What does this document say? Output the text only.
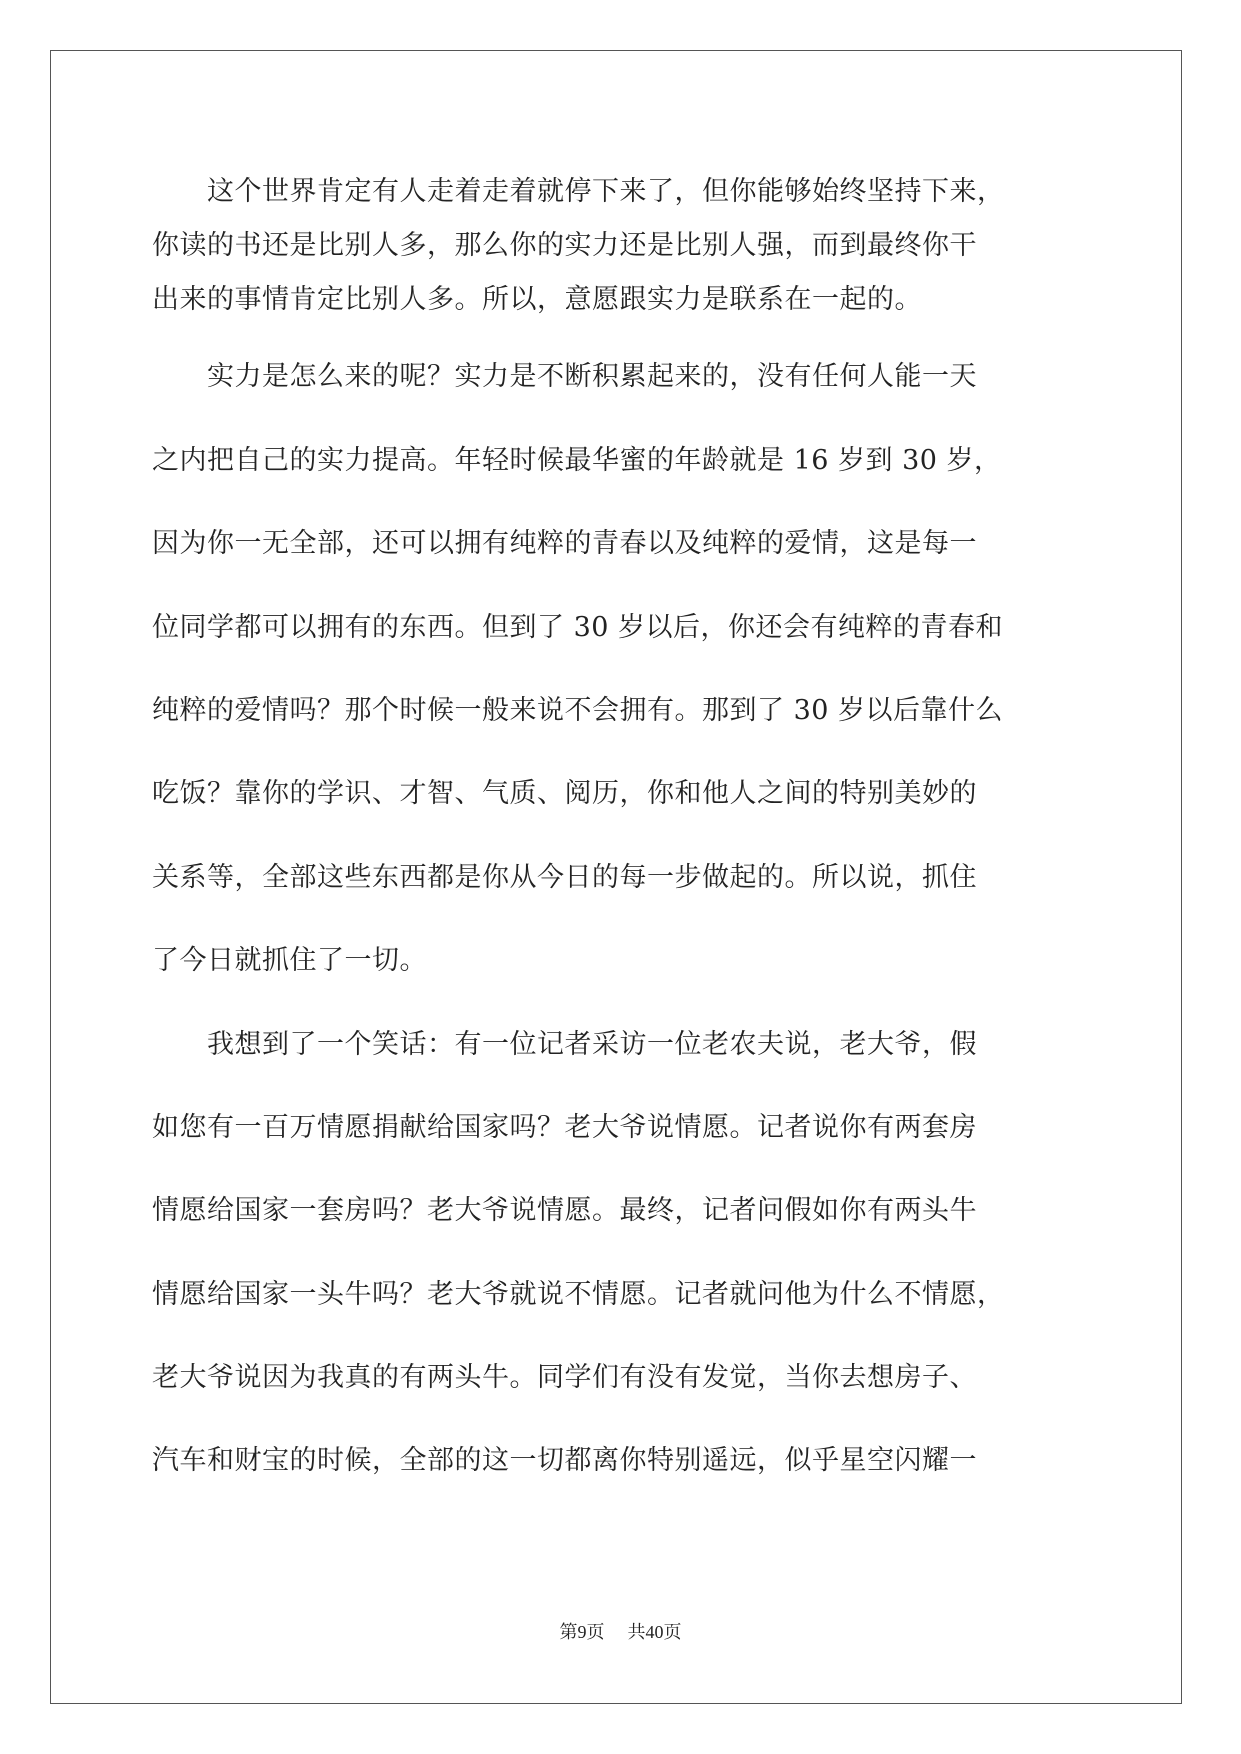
　　这个世界肯定有人走着走着就停下来了，但你能够始终坚持下来，
你读的书还是比别人多，那么你的实力还是比别人强，而到最终你干
出来的事情肯定比别人多。所以，意愿跟实力是联系在一起的。
　　实力是怎么来的呢？实力是不断积累起来的，没有任何人能一天
之内把自己的实力提高。年轻时候最华蜜的年龄就是 16 岁到 30 岁，
因为你一无全部，还可以拥有纯粹的青春以及纯粹的爱情，这是每一
位同学都可以拥有的东西。但到了 30 岁以后，你还会有纯粹的青春和
纯粹的爱情吗？那个时候一般来说不会拥有。那到了 30 岁以后靠什么
吃饭？靠你的学识、才智、气质、阅历，你和他人之间的特别美妙的
关系等，全部这些东西都是你从今日的每一步做起的。所以说，抓住
了今日就抓住了一切。
　　我想到了一个笑话：有一位记者采访一位老农夫说，老大爷，假
如您有一百万情愿捐献给国家吗？老大爷说情愿。记者说你有两套房
情愿给国家一套房吗？老大爷说情愿。最终，记者问假如你有两头牛
情愿给国家一头牛吗？老大爷就说不情愿。记者就问他为什么不情愿，
老大爷说因为我真的有两头牛。同学们有没有发觉，当你去想房子、
汽车和财宝的时候，全部的这一切都离你特别遥远，似乎星空闪耀一
第9页 共40页
